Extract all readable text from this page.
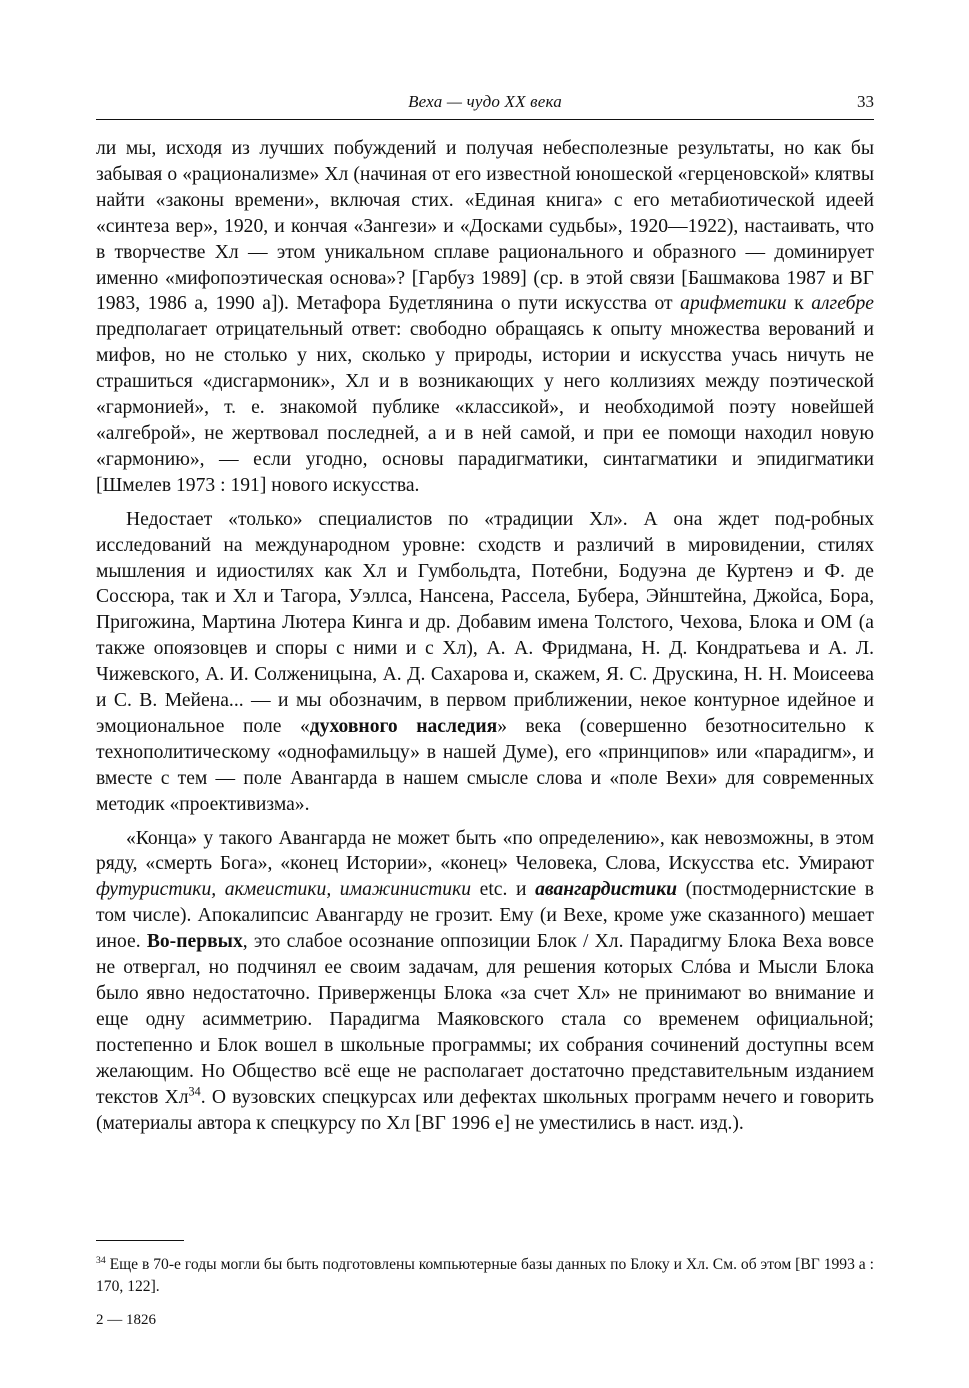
Веха — чудо XX века	33

ли мы, исходя из лучших побуждений и получая небесполезные результаты, но как бы забывая о «рационализме» Хл (начиная от его известной юношеской «герценовской» клятвы найти «законы времени», включая стих. «Единая книга» с его метабиотической идеей «синтеза вер», 1920, и кончая «Зангези» и «Досками судьбы», 1920—1922), настаивать, что в творчестве Хл — этом уникальном сплаве рационального и образного — доминирует именно «мифопоэтическая основа»? [Гарбуз 1989] (ср. в этой связи [Башмакова 1987 и ВГ 1983, 1986 а, 1990 а]). Метафора Будетлянина о пути искусства от арифметики к алгебре предполагает отрицательный ответ: свободно обращаясь к опыту множества верований и мифов, но не столько у них, сколько у природы, истории и искусства учась ничуть не страшиться «дисгармоник», Хл и в возникающих у него коллизиях между поэтической «гармонией», т. е. знакомой публике «классикой», и необходимой поэту новейшей «алгеброй», не жертвовал последней, а и в ней самой, и при ее помощи находил новую «гармонию», — если угодно, основы парадигматики, синтагматики и эпидигматики [Шмелев 1973 : 191] нового искусства.

Недостает «только» специалистов по «традиции Хл». А она ждет под-робных исследований на международном уровне: сходств и различий в мировидении, стилях мышления и идиостилях как Хл и Гумбольдта, Потебни, Бодуэна де Куртенэ и Ф. де Соссюра, так и Хл и Тагора, Уэллса, Нансена, Рассела, Бубера, Эйнштейна, Джойса, Бора, Пригожина, Мартина Лютера Кинга и др. Добавим имена Толстого, Чехова, Блока и ОМ (а также опоязовцев и споры с ними и с Хл), А. А. Фридмана, Н. Д. Кондратьева и А. Л. Чижевского, А. И. Солженицына, А. Д. Сахарова и, скажем, Я. С. Друскина, Н. Н. Моисеева и С. В. Мейена... — и мы обозначим, в первом приближении, некое контурное идейное и эмоциональное поле «духовного наследия» века (совершенно безотносительно к технополитическому «однофамильцу» в нашей Думе), его «принципов» или «парадигм», и вместе с тем — поле Авангарда в нашем смысле слова и «поле Вехи» для современных методик «проективизма».

«Конца» у такого Авангарда не может быть «по определению», как невозможны, в этом ряду, «смерть Бога», «конец Истории», «конец» Человека, Слова, Искусства etc. Умирают футуристики, акмеистики, имажинистики etc. и авангардистики (постмодернистские в том числе). Апокалипсис Авангарду не грозит. Ему (и Вехе, кроме уже сказанного) мешает иное. Во-первых, это слабое осознание оппозиции Блок / Хл. Парадигму Блока Веха вовсе не отвергал, но подчинял ее своим задачам, для решения которых Слóва и Мысли Блока было явно недостаточно. Приверженцы Блока «за счет Хл» не принимают во внимание и еще одну асимметрию. Парадигма Маяковского стала со временем официальной; постепенно и Блок вошел в школьные программы; их собрания сочинений доступны всем желающим. Но Общество всё еще не располагает достаточно представительным изданием текстов $Хл^{34}$. О вузовских спецкурсах или дефектах школьных программ нечего и говорить (материалы автора к спецкурсу по Хл [ВГ 1996 е] не уместились в наст. изд.).

$^{34}$ Еще в 70-е годы могли бы быть подготовлены компьютерные базы данных по Блоку и Хл. См. об этом [ВГ 1993 а : 170, 122].
2 — 1826
